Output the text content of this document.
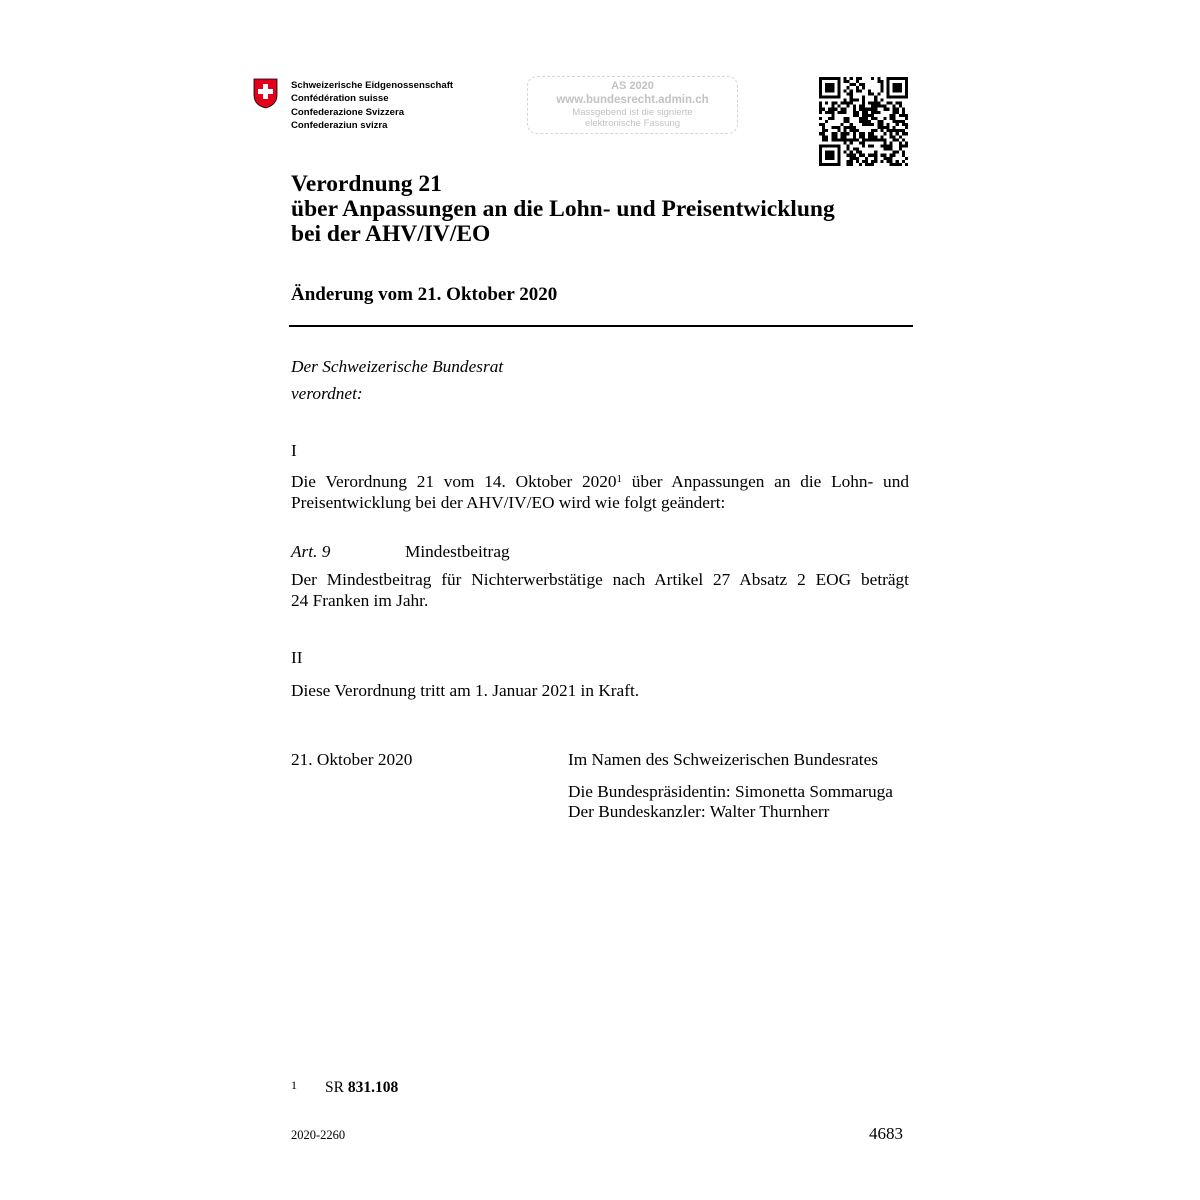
Schweizerische Eidgenossenschaft
Confédération suisse
Confederazione Svizzera
Confederaziun svizra
AS 2020
www.bundesrecht.admin.ch
Massgebend ist die signierte
elektronische Fassung
Verordnung 21
über Anpassungen an die Lohn- und Preisentwicklung
bei der AHV/IV/EO
Änderung vom 21. Oktober 2020
Der Schweizerische Bundesrat
verordnet:
I
Die Verordnung 21 vom 14. Oktober 2020$^1$ über Anpassungen an die Lohn- und
Preisentwicklung bei der AHV/IV/EO wird wie folgt geändert:
Art. 9	Mindestbeitrag
Der Mindestbeitrag für Nichterwerbstätige nach Artikel 27 Absatz 2 EOG beträgt
24 Franken im Jahr.
II
Diese Verordnung tritt am 1. Januar 2021 in Kraft.
21. Oktober 2020	Im Namen des Schweizerischen Bundesrates
Die Bundespräsidentin: Simonetta Sommaruga
Der Bundeskanzler: Walter Thurnherr
1 SR 831.108
2020-2260	4683
